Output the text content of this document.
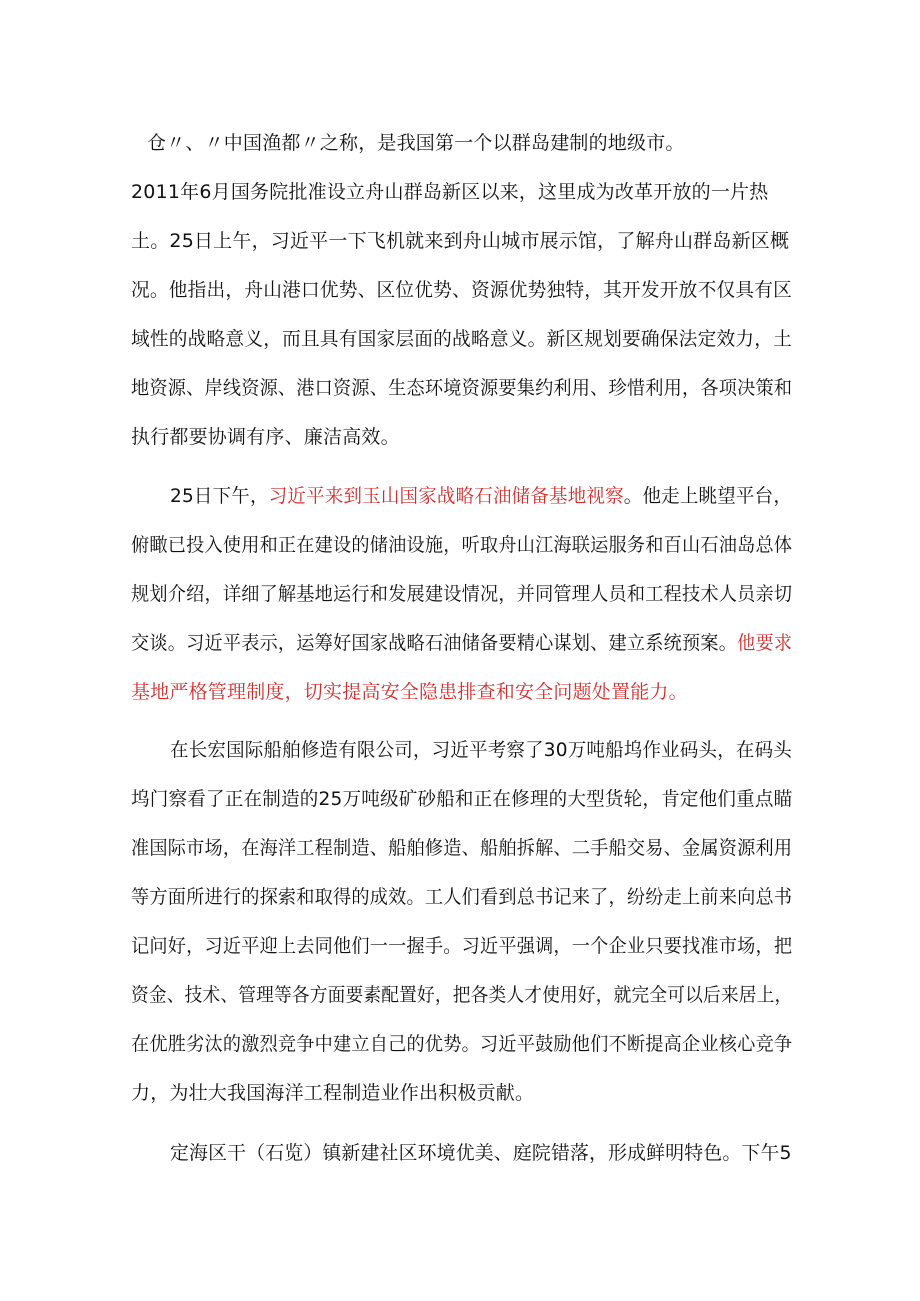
仓〃、〃中国渔都〃之称，是我国第一个以群岛建制的地级市。
2011年6月国务院批准设立舟山群岛新区以来，这里成为改革开放的一片热
土。25日上午，习近平一下飞机就来到舟山城市展示馆，了解舟山群岛新区概
况。他指出，舟山港口优势、区位优势、资源优势独特，其开发开放不仅具有区
域性的战略意义，而且具有国家层面的战略意义。新区规划要确保法定效力，土
地资源、岸线资源、港口资源、生态环境资源要集约利用、珍惜利用，各项决策和
执行都要协调有序、廉洁高效。
25日下午，习近平来到玉山国家战略石油储备基地视察。他走上眺望平台，
俯瞰已投入使用和正在建设的储油设施，听取舟山江海联运服务和百山石油岛总体
规划介绍，详细了解基地运行和发展建设情况，并同管理人员和工程技术人员亲切
交谈。习近平表示，运筹好国家战略石油储备要精心谋划、建立系统预案。他要求
基地严格管理制度，切实提高安全隐患排查和安全问题处置能力。
在长宏国际船舶修造有限公司，习近平考察了30万吨船坞作业码头，在码头
坞门察看了正在制造的25万吨级矿砂船和正在修理的大型货轮，肯定他们重点瞄
准国际市场，在海洋工程制造、船舶修造、船舶拆解、二手船交易、金属资源利用
等方面所进行的探索和取得的成效。工人们看到总书记来了，纷纷走上前来向总书
记问好，习近平迎上去同他们一一握手。习近平强调，一个企业只要找准市场，把
资金、技术、管理等各方面要素配置好，把各类人才使用好，就完全可以后来居上，
在优胜劣汰的激烈竞争中建立自己的优势。习近平鼓励他们不断提高企业核心竞争
力，为壮大我国海洋工程制造业作出积极贡献。
定海区干（石览）镇新建社区环境优美、庭院错落，形成鲜明特色。下午5
